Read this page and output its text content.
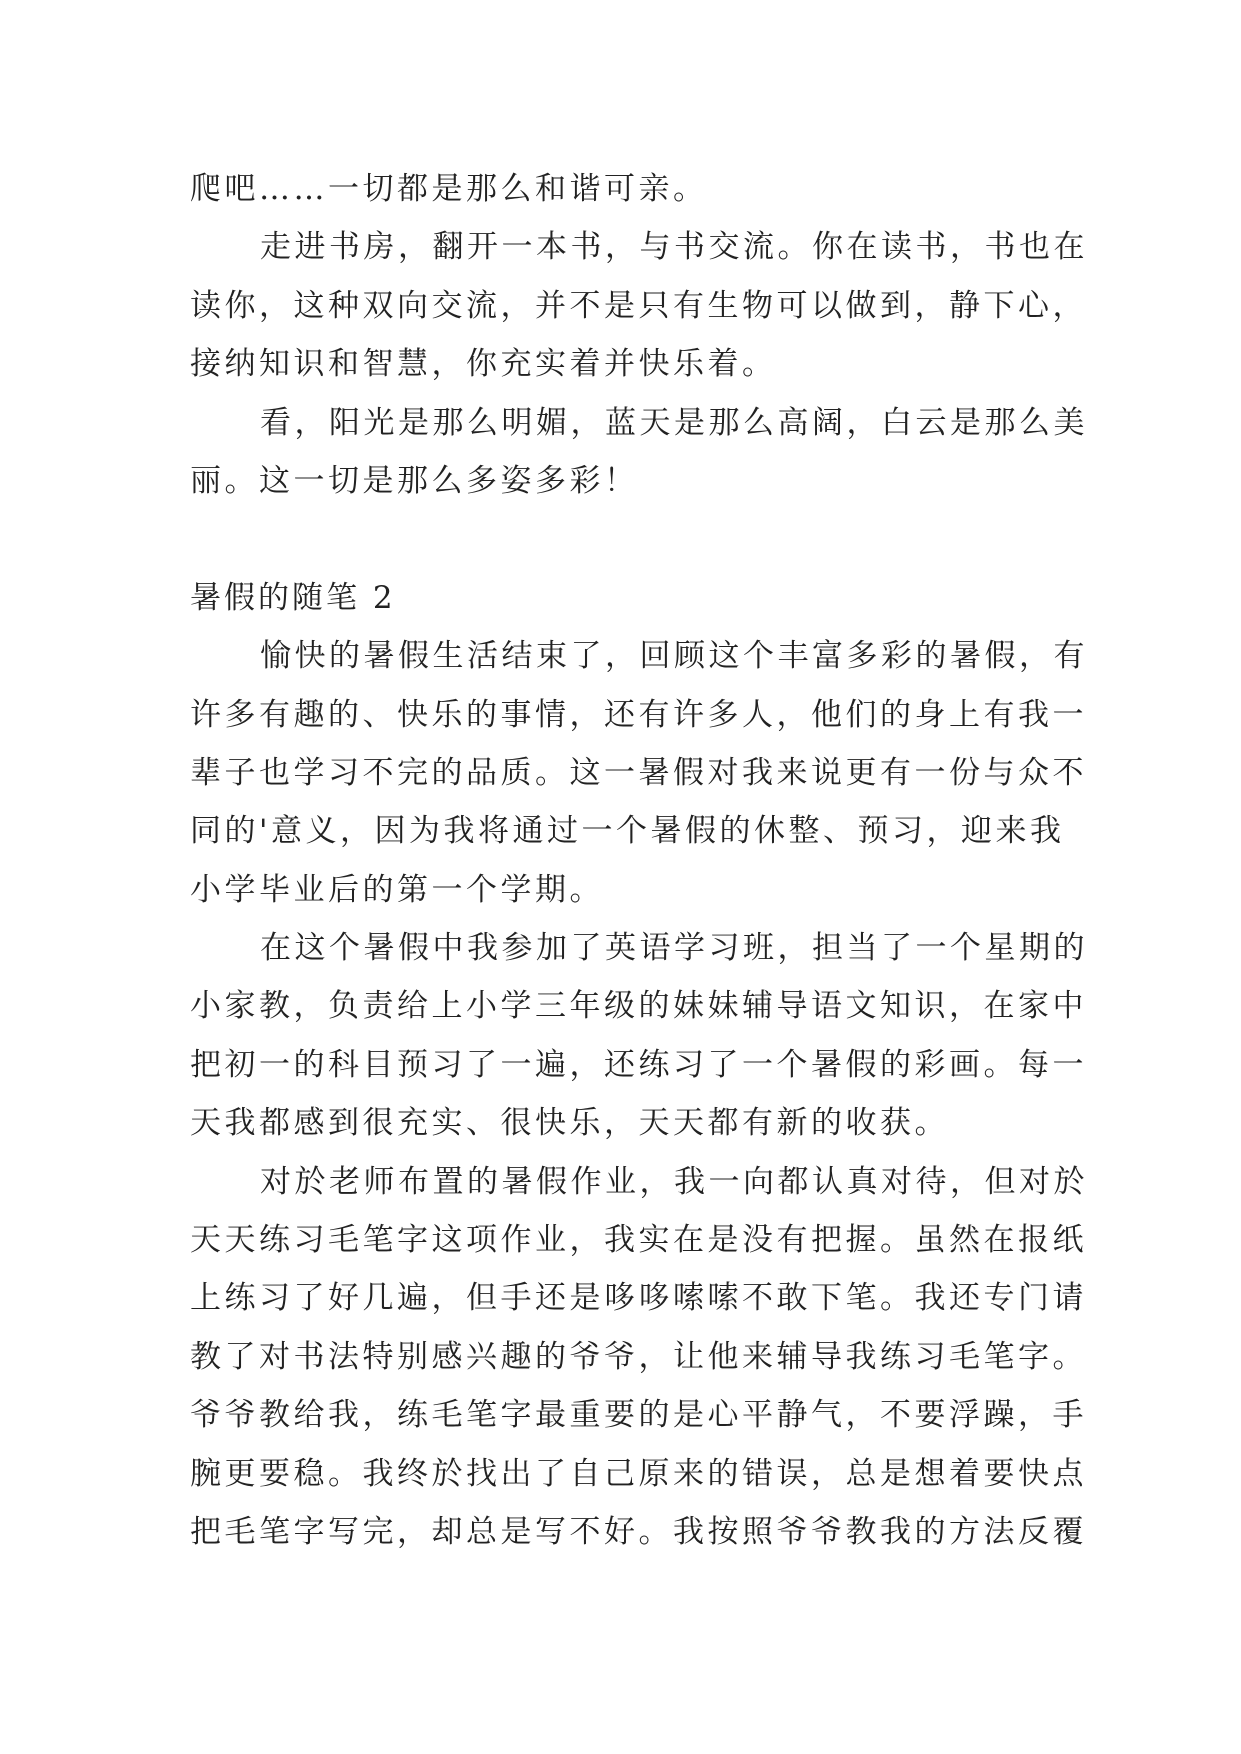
爬吧……一切都是那么和谐可亲。
走进书房，翻开一本书，与书交流。你在读书，书也在
读你，这种双向交流，并不是只有生物可以做到，静下心，
接纳知识和智慧，你充实着并快乐着。
看，阳光是那么明媚，蓝天是那么高阔，白云是那么美
丽。这一切是那么多姿多彩！
暑假的随笔 2
愉快的暑假生活结束了，回顾这个丰富多彩的暑假，有
许多有趣的、快乐的事情，还有许多人，他们的身上有我一
辈子也学习不完的品质。这一暑假对我来说更有一份与众不
同的'意义，因为我将通过一个暑假的休整、预习，迎来我
小学毕业后的第一个学期。
在这个暑假中我参加了英语学习班，担当了一个星期的
小家教，负责给上小学三年级的妹妹辅导语文知识，在家中
把初一的科目预习了一遍，还练习了一个暑假的彩画。每一
天我都感到很充实、很快乐，天天都有新的收获。
对於老师布置的暑假作业，我一向都认真对待，但对於
天天练习毛笔字这项作业，我实在是没有把握。虽然在报纸
上练习了好几遍，但手还是哆哆嗦嗦不敢下笔。我还专门请
教了对书法特别感兴趣的爷爷，让他来辅导我练习毛笔字。
爷爷教给我，练毛笔字最重要的是心平静气，不要浮躁，手
腕更要稳。我终於找出了自己原来的错误，总是想着要快点
把毛笔字写完，却总是写不好。我按照爷爷教我的方法反覆
